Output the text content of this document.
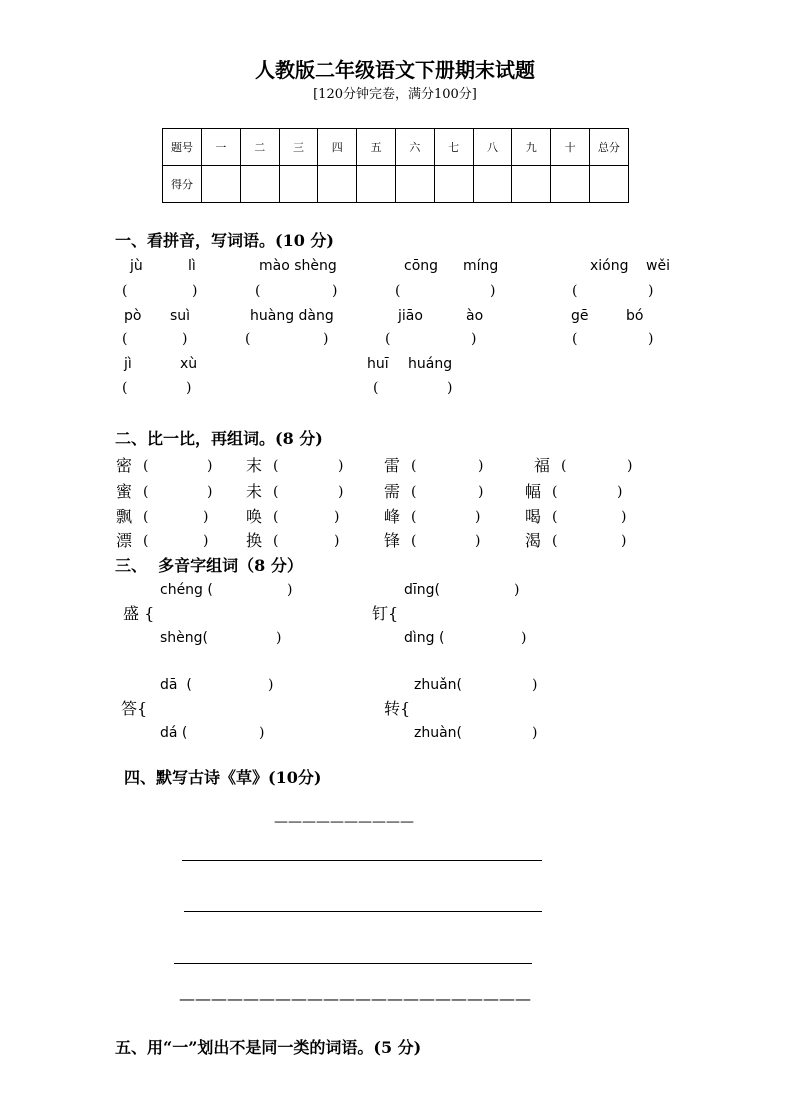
人教版二年级语文下册期末试题
[120分钟完卷，满分100分]
题号	一	二	三	四	五	六	七	八	九	十	总分
得分											
一、看拼音，写词语。(10 分)
jù	lì	mào shèng	cōng míng	xióng wěi
(	)	(	)	(	)	(	)
pò suì	huàng dàng	jiāo	ào	gē	bó
(	)	(	)	(	)	(	)
jì	xù	huī huáng
(	)	(	)
二、比一比，再组词。(8 分)
密 (	) 末 (	)	雷 (	)	福 (	)
蜜 (	) 未 (	)	需 (	)	幅 (	)
飘 (	) 唤 (	)	峰 (	)	喝 (	)
漂 (	) 换 (	)	锋 (	)	渴 (	)
三、  多音字组词（8 分）
chéng (	)
盛 {
shèng(	)
dīng(	)
钉{
dìng (	)
dā  (	)
答{
dá (	)
zhuǎn(	)
转{
zhuàn(	)
四、默写古诗《草》(10分)
——————————
——————————————————————
五、用“一”划出不是同一类的词语。(5 分)
